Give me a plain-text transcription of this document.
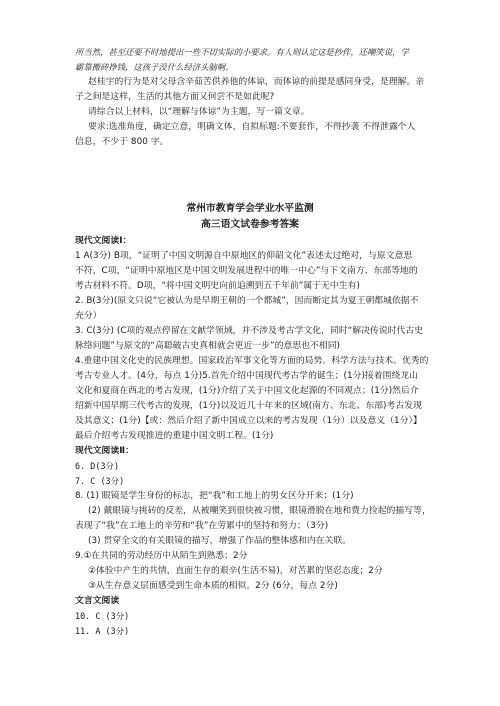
所当然，甚至还要不时地提出一些不切实际的小要求。有人则认定这是抄作，还嘲笑说，学
霸靠搬砖挣钱，这孩子没什么经济头脑啊。
赵桂宇的行为是对父母含辛茹苦供养他的体谅，而体谅的前提是感同身受，是理解。亲
子之间是这样，生活的其他方面又何尝不是如此呢?
请综合以上材料，以“理解与体谅”为主题，写一篇文章。
要求:选准角度，确定立意，明确文体，自拟标题:不要套作，不得抄袭 不得泄露个人
信息，不少于 800 字。
常州市教育学会学业水平监测
高三语文试卷参考答案
现代文阅读Ⅰ：
1 A(3分) B项，“证明了中国文明源自中原地区的仰韶文化”表述太过绝对，与原文意思
不符，C项，“证明中原地区是中国文明发展进程中的唯一中心”与下文南方、东部等地的
考古材料不符。D项，“将中国文明史向前追溯到五千年前”属于无中生有)
2. B(3分)(原文只说“它被认为是早期王朝的一个都城”，因而断定其为夏王朝都城依据不
充分）
3. C(3分) (C项的观点停留在文献学领域，并不涉及考古学文化，同时“解决传说时代古史
脉络问题”与原文的“高聪破古史真相就会更近一步”的意思也不相同)
4.重建中国文化史的民族理想。国家政治军事文化等方面的局势。科学方法与技术。优秀的
考古专业人才。(4分，每点 1分)5.首先介绍中国现代考古学的诞生；(1分)接着围绕龙山
文化和夏商在西北的考古发现，(1分)介绍了关于中国文化起源的不同观点；(1分)然后介
绍新中国早期三代考古的发现，(1分)以及近几十年来的区域(南方、东北、东部)考古发现
及其意义；(1分)【或：然后介绍了新中国成立以来的考古发现（1分）以及意义（1分）】
最后介绍考古发现推进的重建中国文明工程。(1分)
现代文阅读Ⅱ：
6. D(3分)
7. C (3分)
8. (1) 眼镜是学生身份的标志，把“我”和工地上的男女区分开来；(1分)
(2) 戴眼镜与挑砖的反差，从被嘲笑到很快被习惯，眼镜滑脱在地和费力捡起的描写等，
表现了“我”在工地上的辛劳和“我”在劳累中的坚持和努力；（3分)
(3) 贯穿全文的有关眼镜的描写，增强了作品的整体感和内在关联。
9.①在共同的劳动经历中从陌生到熟悉；2分
②体验中产生的共情，直面生存的艰辛(生活不易)，对苦累的坚忍态度；2分
③从生存意义层面感受到生命本质的相似。2分 (6分，每点 2分)
文言文阅读
10. C (3分)
11. A (3分)
